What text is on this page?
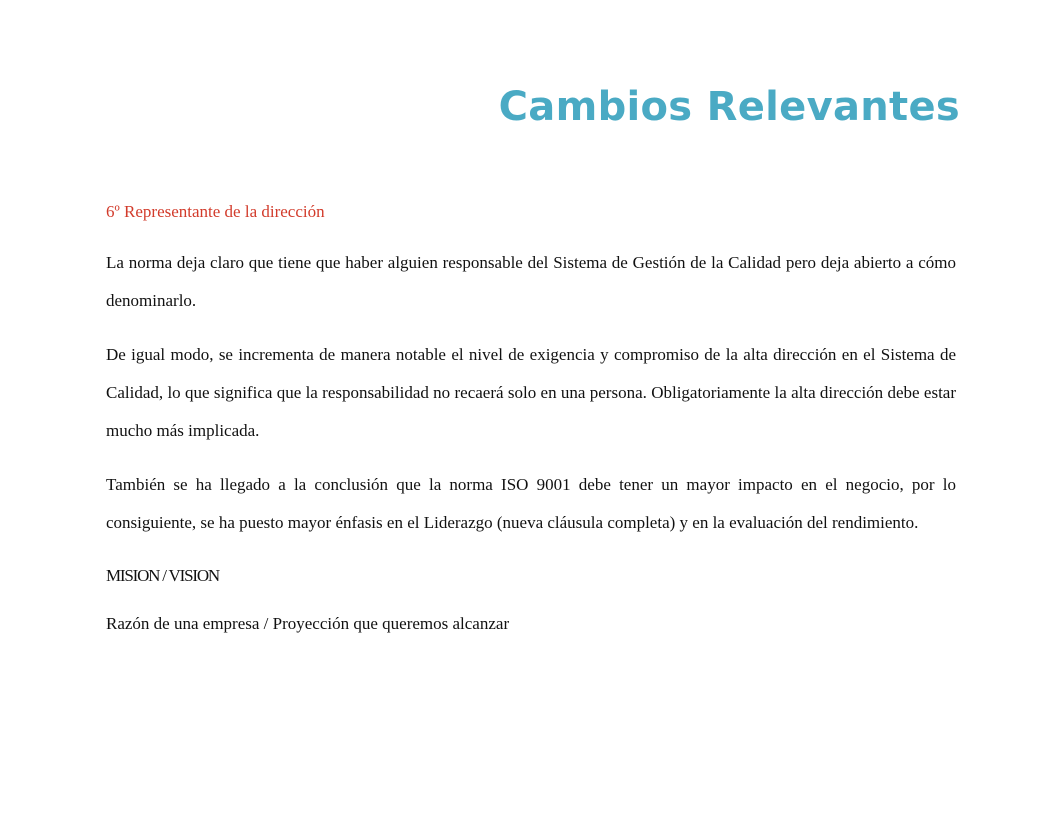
Cambios Relevantes

6º Representante de la dirección

La norma deja claro que tiene que haber alguien responsable del Sistema de Gestión de la Calidad pero deja abierto a cómo denominarlo.

De igual modo, se incrementa de manera notable el nivel de exigencia y compromiso de la alta dirección en el Sistema de Calidad, lo que significa que la responsabilidad no recaerá solo en una persona. Obligatoriamente la alta dirección debe estar mucho más implicada.

También se ha llegado a la conclusión que la norma ISO 9001 debe tener un mayor impacto en el negocio, por lo consiguiente, se ha puesto mayor énfasis en el Liderazgo (nueva cláusula completa) y en la evaluación del rendimiento.

MISION / VISION

Razón de una empresa / Proyección que queremos alcanzar
